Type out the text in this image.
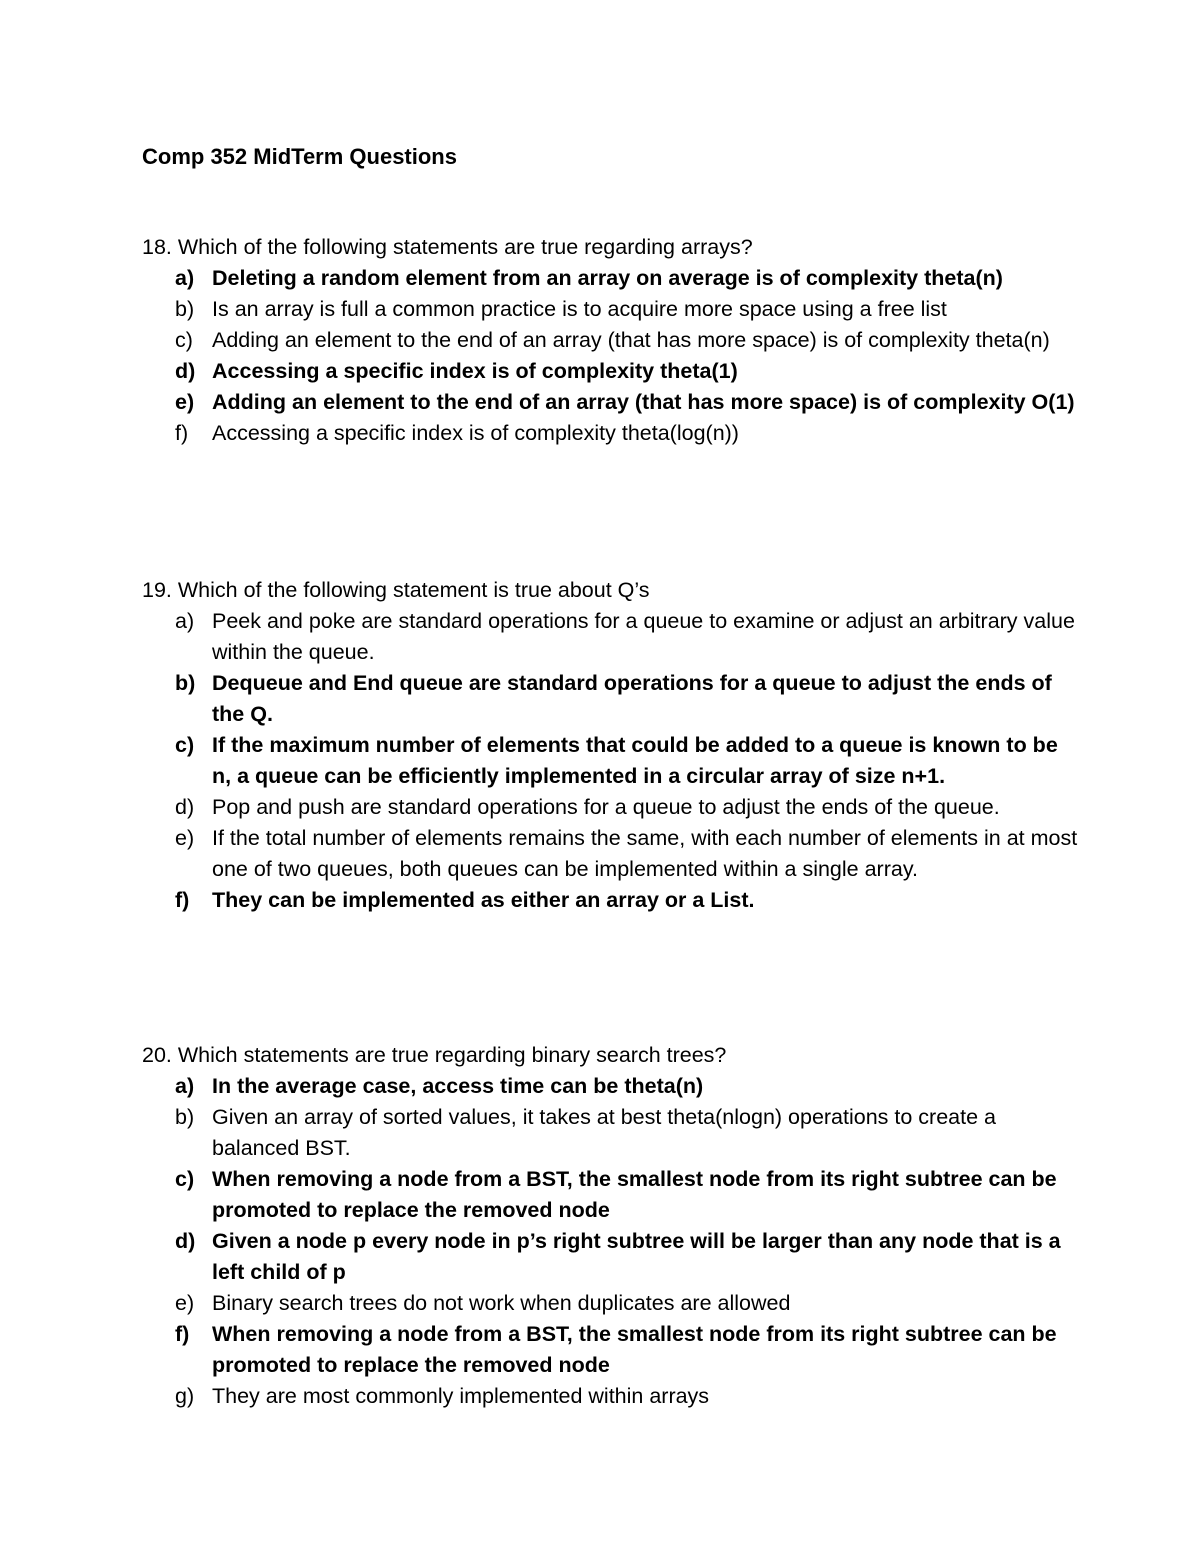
Comp 352 MidTerm Questions

18. Which of the following statements are true regarding arrays?

a) Deleting a random element from an array on average is of complexity theta(n)
b) Is an array is full a common practice is to acquire more space using a free list
c) Adding an element to the end of an array (that has more space) is of complexity theta(n)
d) Accessing a specific index is of complexity theta(1)
e) Adding an element to the end of an array (that has more space) is of complexity O(1)
f) Accessing a specific index is of complexity theta(log(n))

19. Which of the following statement is true about Q’s

a) Peek and poke are standard operations for a queue to examine or adjust an arbitrary value within the queue.
b) Dequeue and End queue are standard operations for a queue to adjust the ends of the Q.
c) If the maximum number of elements that could be added to a queue is known to be n, a queue can be efficiently implemented in a circular array of size n+1.
d) Pop and push are standard operations for a queue to adjust the ends of the queue.
e) If the total number of elements remains the same, with each number of elements in at most one of two queues, both queues can be implemented within a single array.
f) They can be implemented as either an array or a List.

20. Which statements are true regarding binary search trees?

a) In the average case, access time can be theta(n)
b) Given an array of sorted values, it takes at best theta(nlogn) operations to create a balanced BST.
c) When removing a node from a BST, the smallest node from its right subtree can be promoted to replace the removed node
d) Given a node p every node in p’s right subtree will be larger than any node that is a left child of p
e) Binary search trees do not work when duplicates are allowed
f) When removing a node from a BST, the smallest node from its right subtree can be promoted to replace the removed node
g) They are most commonly implemented within arrays
